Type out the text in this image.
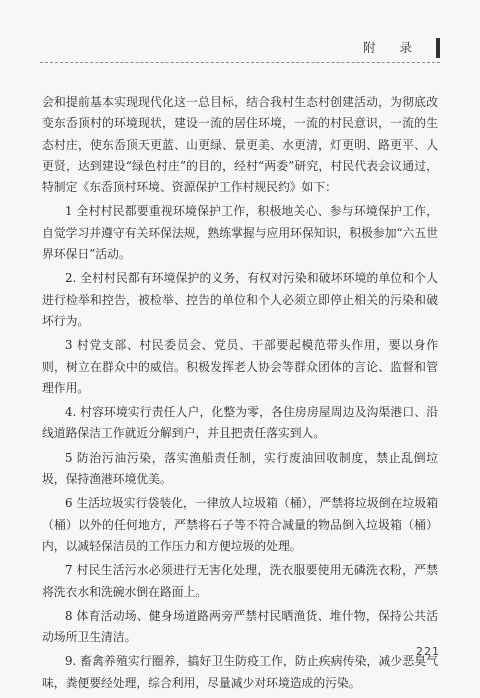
附 录

会和提前基本实现现代化这一总目标，结合我村生态村创建活动，为彻底改变东岙顶村的环境现状，建设一流的居住环境，一流的村民意识，一流的生态村庄，使东岙顶天更蓝、山更绿、景更美、水更清，灯更明、路更平、人更贤，达到建设“绿色村庄”的目的，经村“两委”研究，村民代表会议通过，特制定《东岙顶村环境、资源保护工作村规民约》如下：

1 全村村民都要重视环境保护工作，积极地关心、参与环境保护工作，自觉学习并遵守有关环保法规，熟练掌握与应用环保知识，积极参加“六五世界环保日”活动。

2. 全村村民都有环境保护的义务，有权对污染和破坏环境的单位和个人进行检举和控告，被检举、控告的单位和个人必须立即停止相关的污染和破坏行为。

3 村党支部、村民委员会、党员、干部要起模范带头作用，要以身作则，树立在群众中的威信。积极发挥老人协会等群众团体的言论、监督和管理作用。

4. 村容环境实行责任人户，化整为零，各住房房屋周边及沟渠港口、沿线道路保洁工作就近分解到户，并且把责任落实到人。

5 防治污油污染，落实渔船责任制，实行废油回收制度，禁止乱倒垃圾，保持渔港环境优美。

6 生活垃圾实行袋装化，一律放人垃圾箱（桶），严禁将垃圾倒在垃圾箱（桶）以外的任何地方，严禁将石子等不符合减量的物品倒入垃圾箱（桶）内，以减轻保洁员的工作压力和方便垃圾的处理。

7 村民生活污水必须进行无害化处理，洗衣服要使用无磷洗衣粉，严禁将洗衣水和洗碗水倒在路面上。

8 体育活动场、健身场道路两旁严禁村民晒渔货、堆什物，保持公共活动场所卫生清洁。

9. 畜禽养殖实行圈养，搞好卫生防疫工作，防止疾病传染，减少恶臭气味，粪便要经处理，综合利用，尽量减少对环境造成的污染。

221
